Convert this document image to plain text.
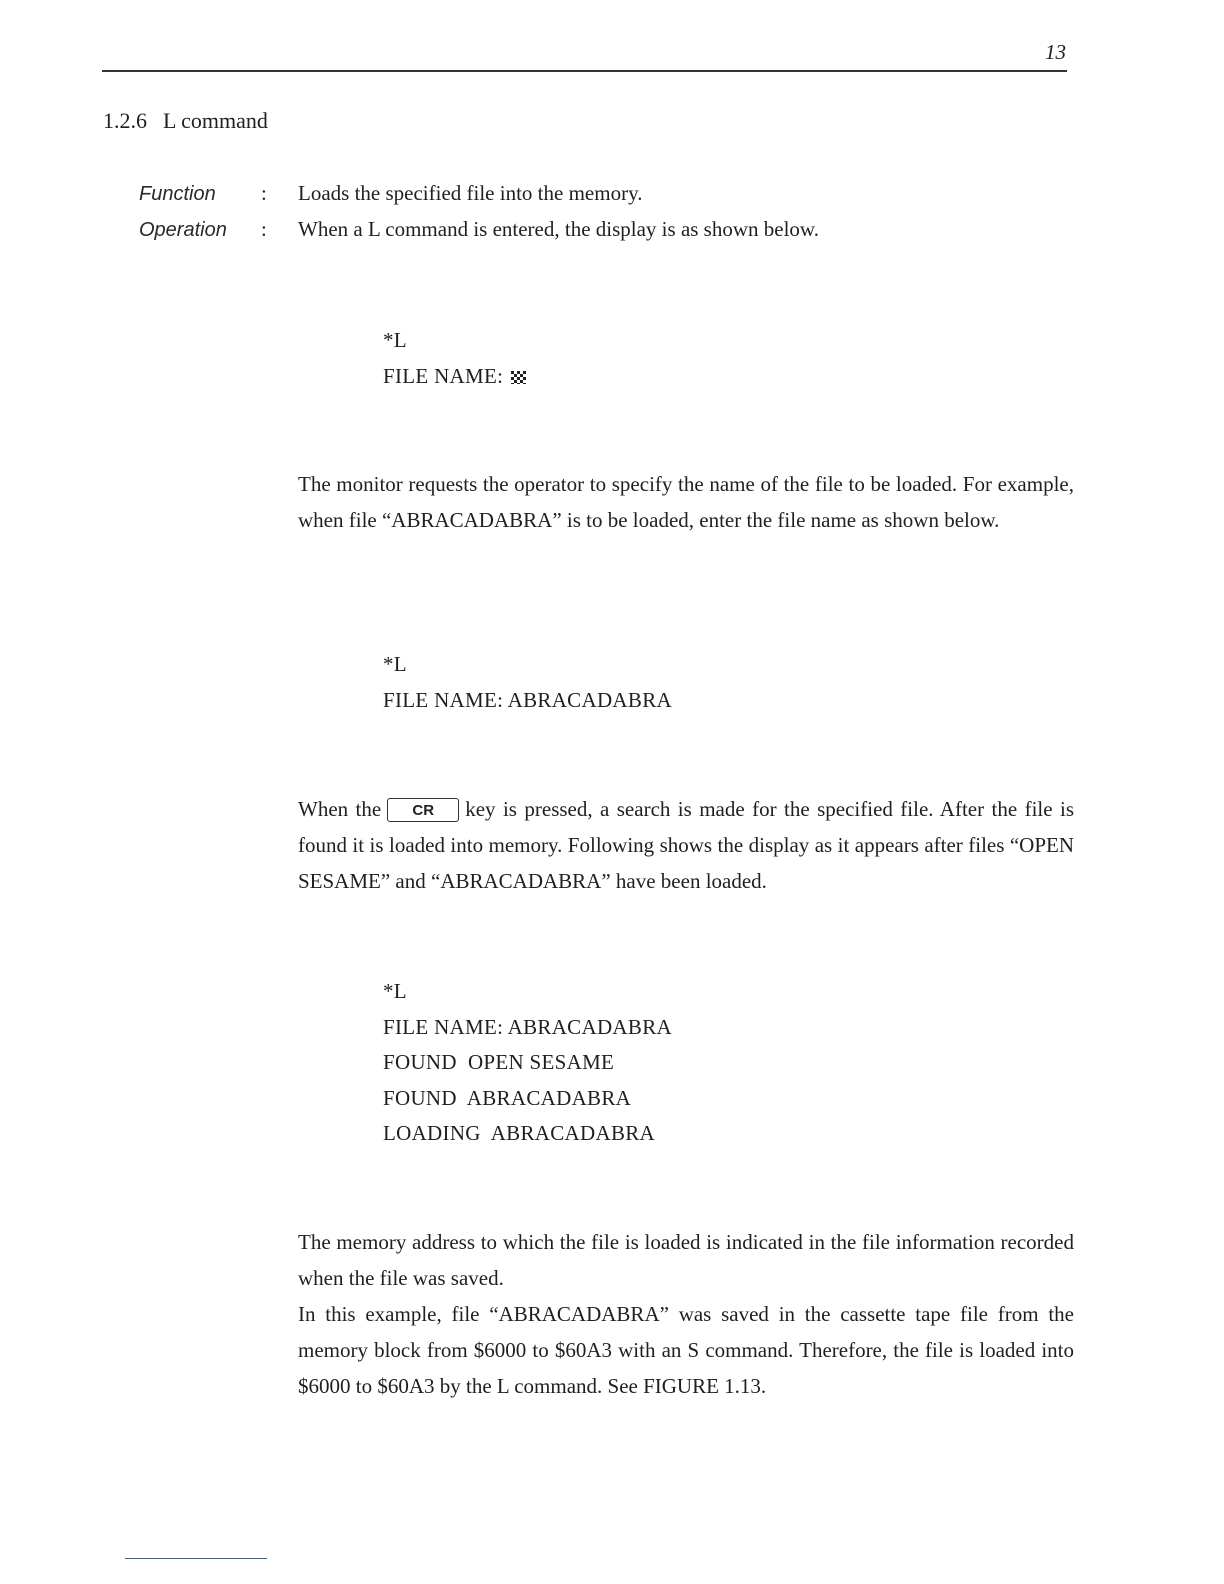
13
1.2.6 L command
Function	:	Loads the specified file into the memory.
Operation	:	When a L command is entered, the display is as shown below.
*L
FILE NAME:

The monitor requests the operator to specify the name of the file to be loaded. For example, when file “ABRACADABRA” is to be loaded, enter the file name as shown below.

*L
FILE NAME: ABRACADABRA

When the CR key is pressed, a search is made for the specified file. After the file is found it is loaded into memory. Following shows the display as it appears after files “OPEN SESAME” and “ABRACADABRA” have been loaded.

*L
FILE NAME: ABRACADABRA
FOUND  OPEN SESAME
FOUND  ABRACADABRA
LOADING  ABRACADABRA

The memory address to which the file is loaded is indicated in the file information recorded when the file was saved.

In this example, file “ABRACADABRA” was saved in the cassette tape file from the memory block from $6000 to $60A3 with an S command. Therefore, the file is loaded into $6000 to $60A3 by the L command. See FIGURE 1.13.
